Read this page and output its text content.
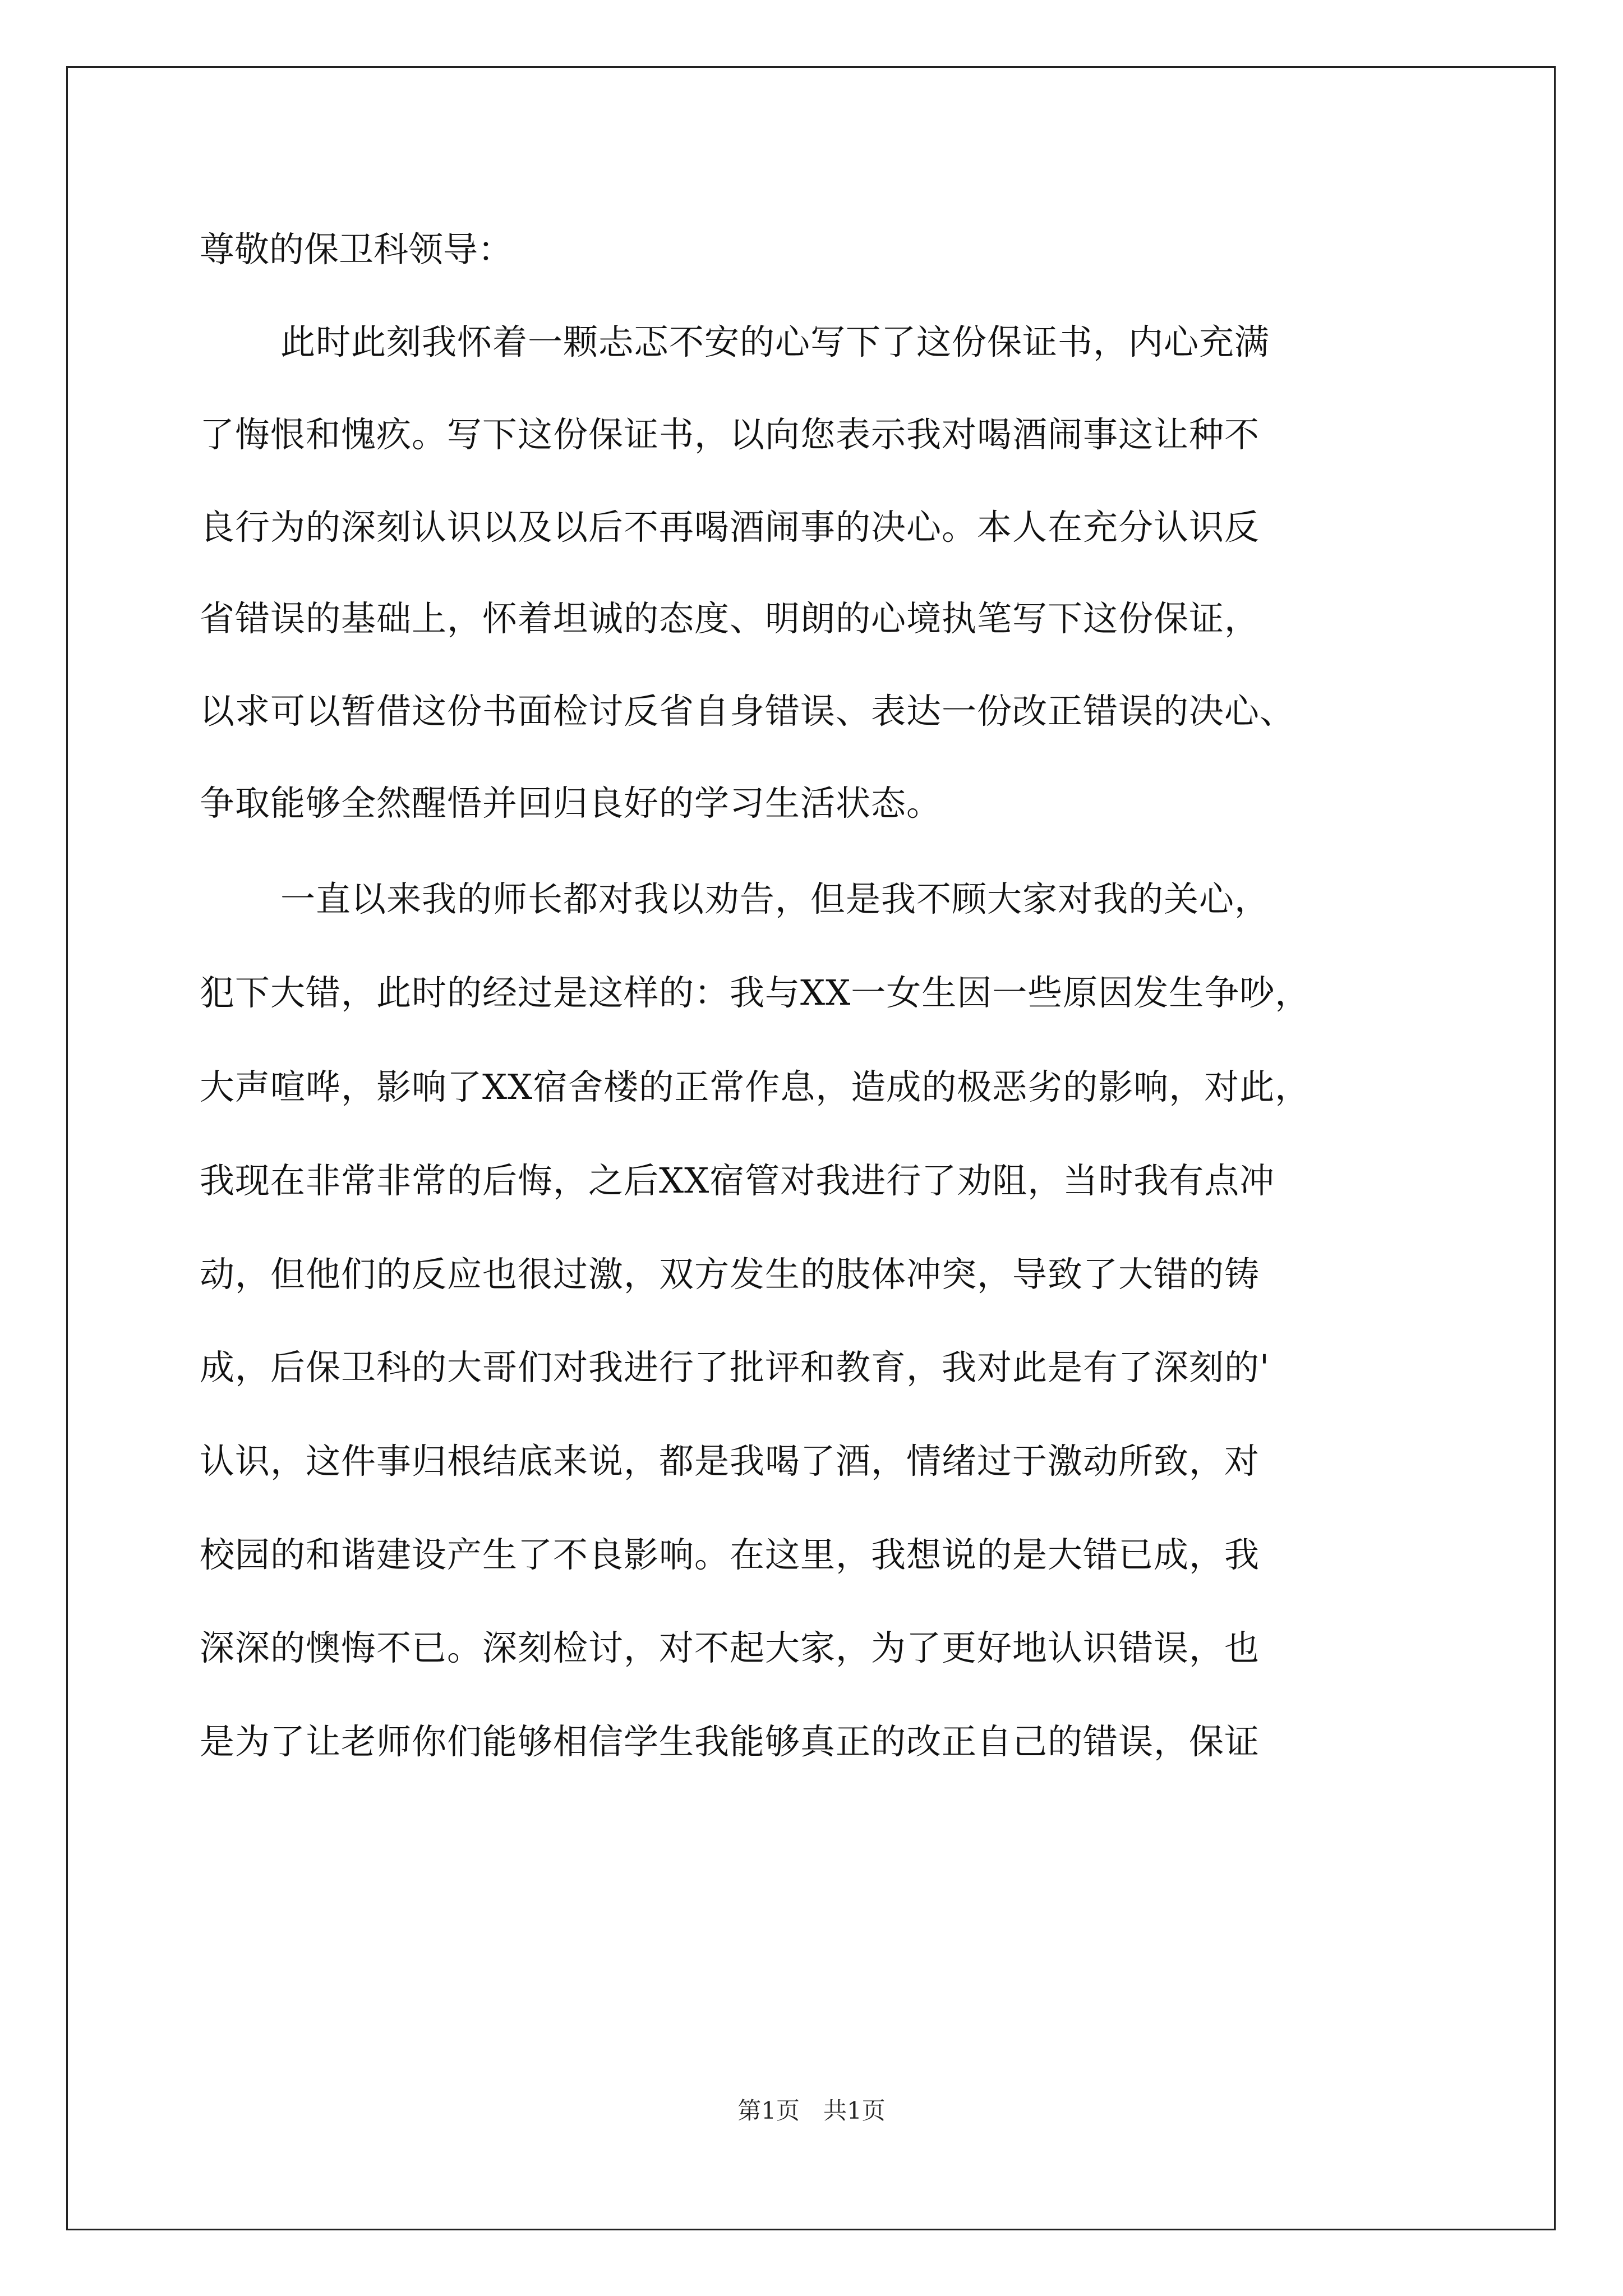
尊敬的保卫科领导：
此时此刻我怀着一颗忐忑不安的心写下了这份保证书，内心充满
了悔恨和愧疚。写下这份保证书，以向您表示我对喝酒闹事这让种不
良行为的深刻认识以及以后不再喝酒闹事的决心。本人在充分认识反
省错误的基础上，怀着坦诚的态度、明朗的心境执笔写下这份保证，
以求可以暂借这份书面检讨反省自身错误、表达一份改正错误的决心、
争取能够全然醒悟并回归良好的学习生活状态。
一直以来我的师长都对我以劝告，但是我不顾大家对我的关心，
犯下大错，此时的经过是这样的：我与XX一女生因一些原因发生争吵，
大声喧哗，影响了XX宿舍楼的正常作息，造成的极恶劣的影响，对此，
我现在非常非常的后悔，之后XX宿管对我进行了劝阻，当时我有点冲
动，但他们的反应也很过激，双方发生的肢体冲突，导致了大错的铸
成，后保卫科的大哥们对我进行了批评和教育，我对此是有了深刻的'
认识，这件事归根结底来说，都是我喝了酒，情绪过于激动所致，对
校园的和谐建设产生了不良影响。在这里，我想说的是大错已成，我
深深的懊悔不已。深刻检讨，对不起大家，为了更好地认识错误，也
是为了让老师你们能够相信学生我能够真正的改正自己的错误，保证
第1页　共1页
